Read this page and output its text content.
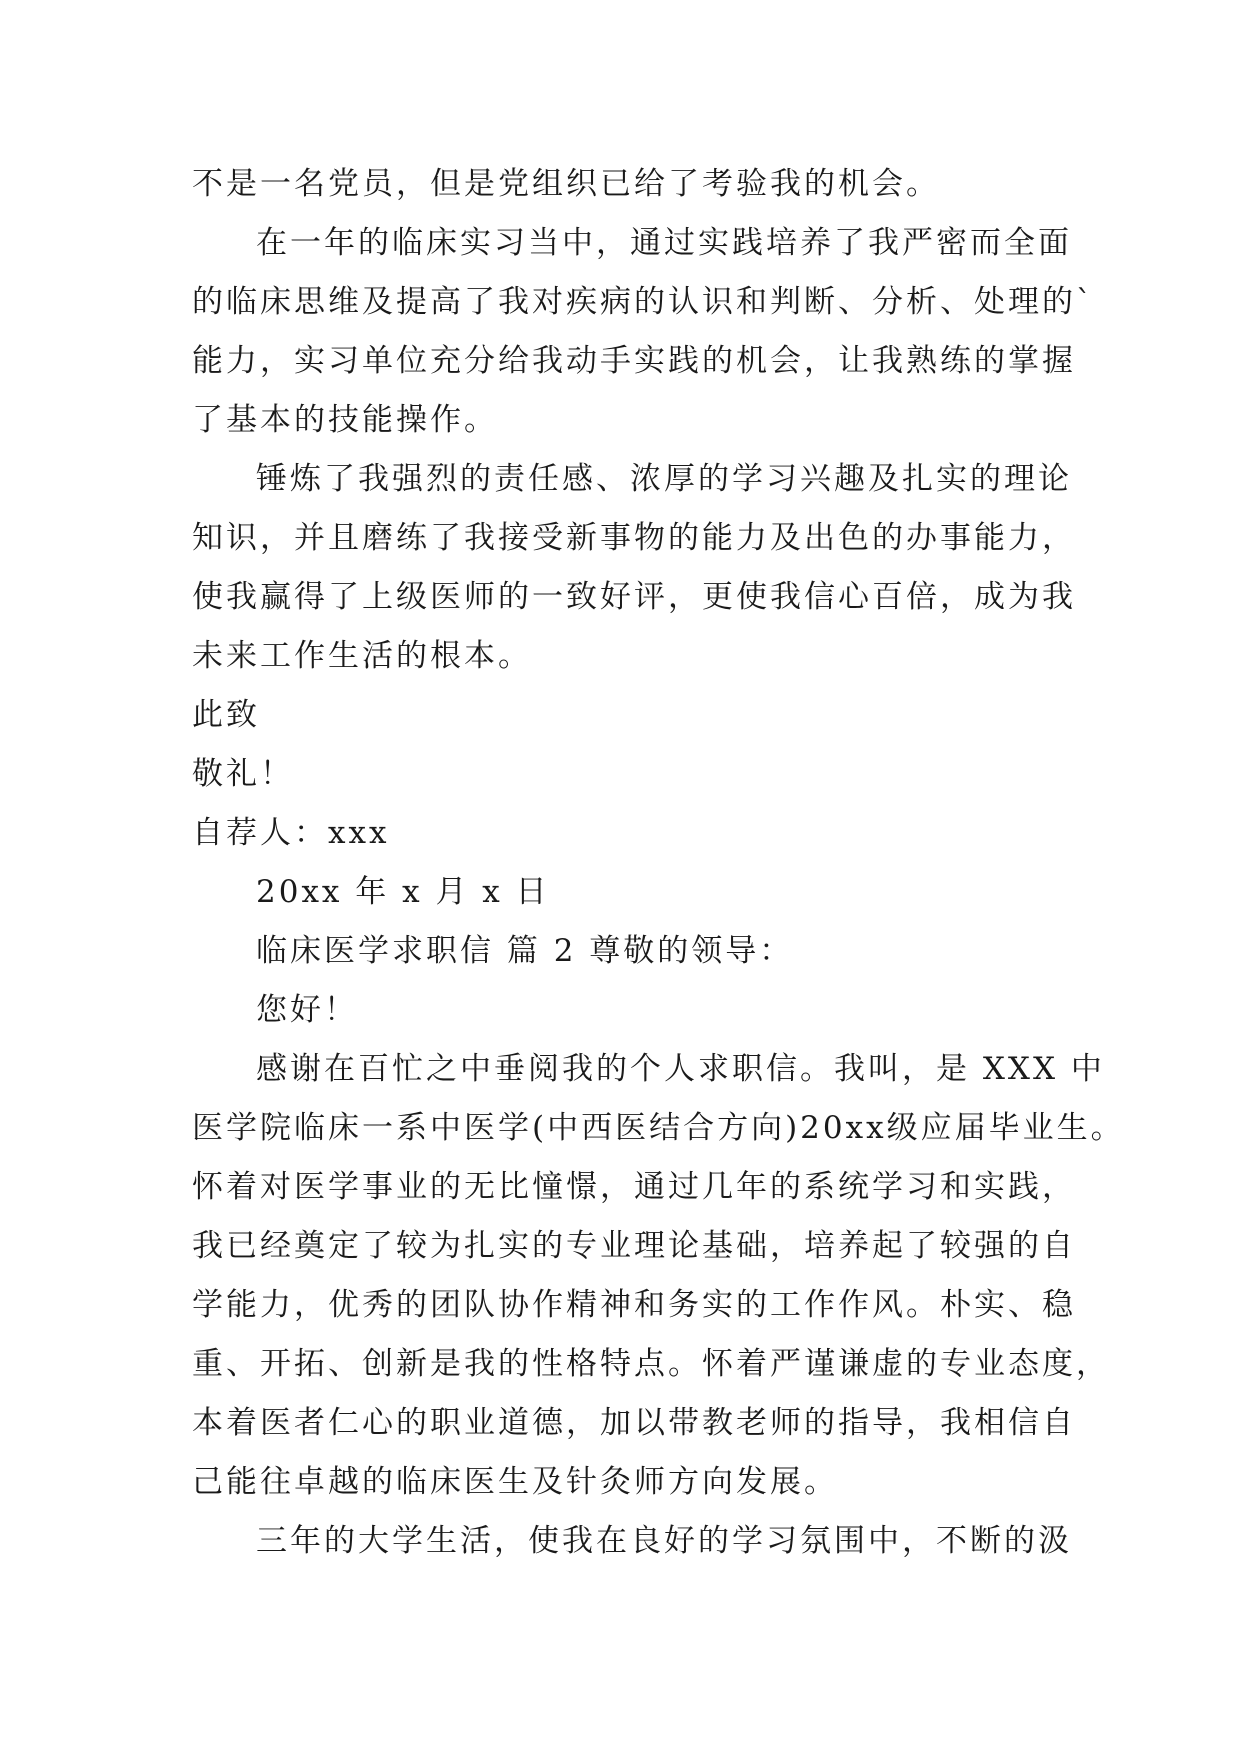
不是一名党员，但是党组织已给了考验我的机会。
在一年的临床实习当中，通过实践培养了我严密而全面
的临床思维及提高了我对疾病的认识和判断、分析、处理的`
能力，实习单位充分给我动手实践的机会，让我熟练的掌握
了基本的技能操作。
锤炼了我强烈的责任感、浓厚的学习兴趣及扎实的理论
知识，并且磨练了我接受新事物的能力及出色的办事能力，
使我赢得了上级医师的一致好评，更使我信心百倍，成为我
未来工作生活的根本。
此致
敬礼！
自荐人：xxx
20xx 年 x 月 x 日
临床医学求职信 篇 2 尊敬的领导：
您好！
感谢在百忙之中垂阅我的个人求职信。我叫，是 XXX 中
医学院临床一系中医学(中西医结合方向)20xx级应届毕业生。
怀着对医学事业的无比憧憬，通过几年的系统学习和实践，
我已经奠定了较为扎实的专业理论基础，培养起了较强的自
学能力，优秀的团队协作精神和务实的工作作风。朴实、稳
重、开拓、创新是我的性格特点。怀着严谨谦虚的专业态度，
本着医者仁心的职业道德，加以带教老师的指导，我相信自
己能往卓越的临床医生及针灸师方向发展。
三年的大学生活，使我在良好的学习氛围中，不断的汲
